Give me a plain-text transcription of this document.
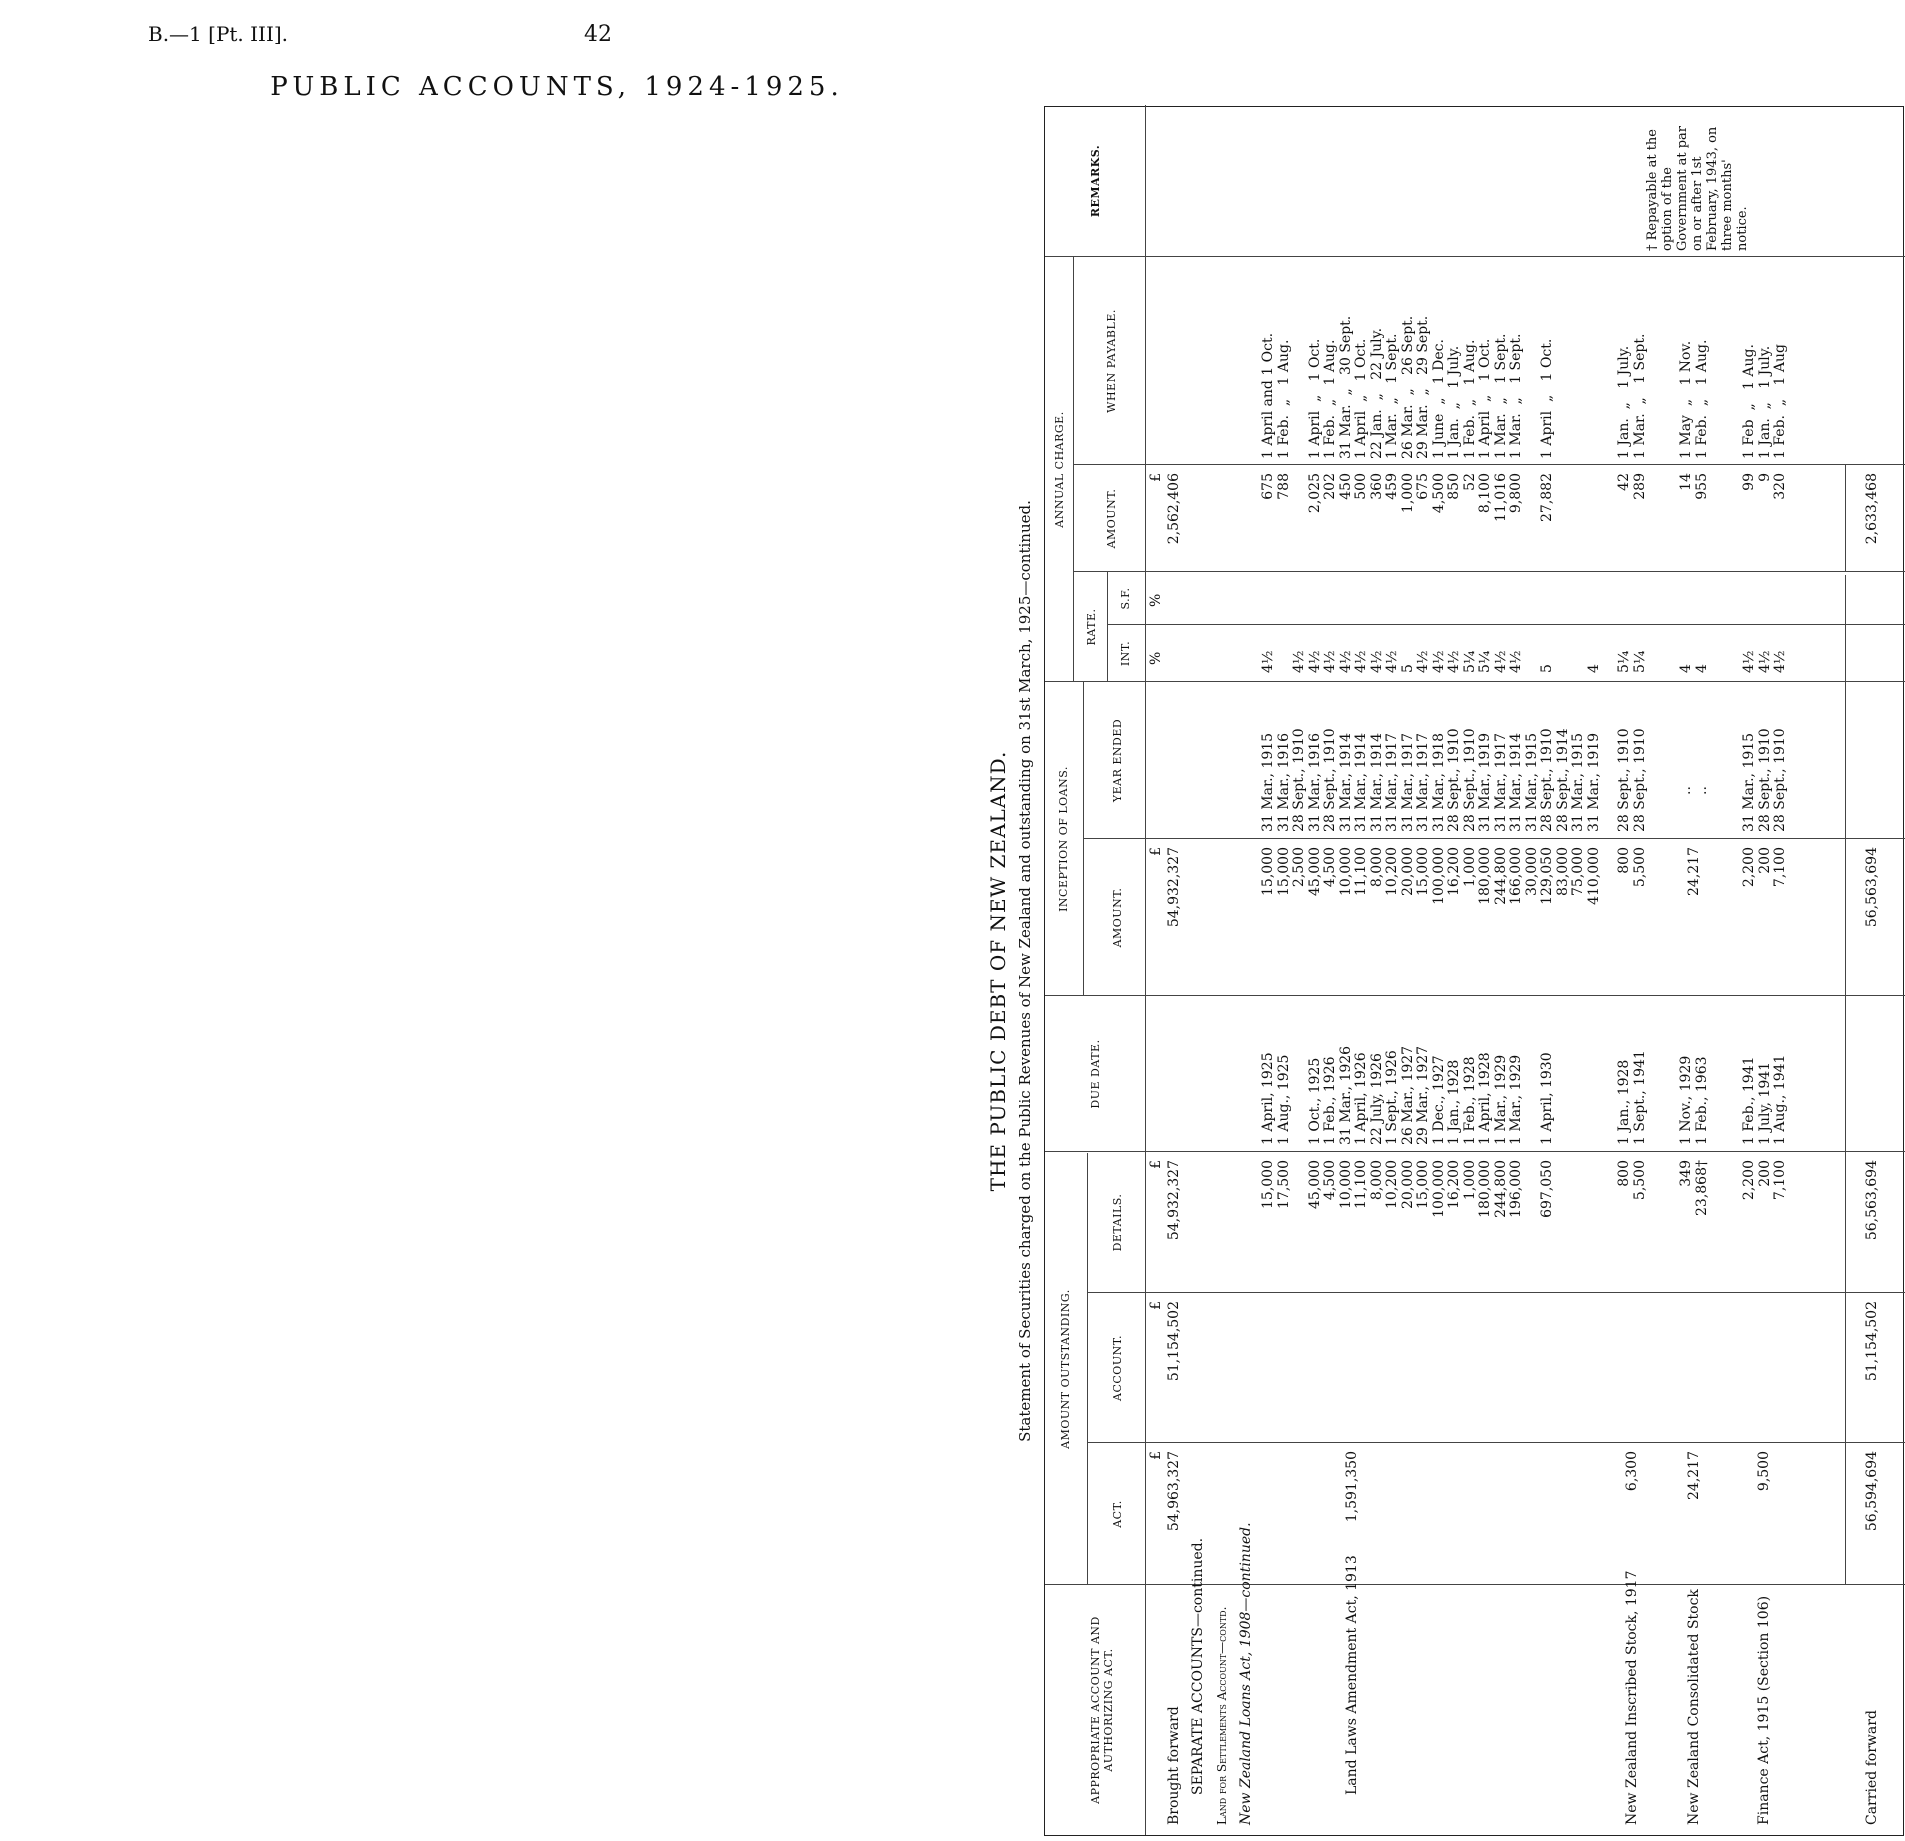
B.—1 [Pt. III].	42
PUBLIC ACCOUNTS, 1924-1925.
THE PUBLIC DEBT OF NEW ZEALAND. Statement of Securities charged on the Public Revenues of New Zealand and outstanding on 31st March, 1925—continued.
APPROPRIATE ACCOUNT AND AUTHORIZING ACT.
AMOUNT OUTSTANDING.
ACT.
ACCOUNT.
DETAILS.
DUE DATE.
INCEPTION OF LOANS.
AMOUNT.
YEAR ENDED
ANNUAL CHARGE.
RATE.
INT.
S.F.
AMOUNT.
WHEN PAYABLE.
REMARKS.
£
£
£
£
%
%
£
Brought forward
54,963,327
51,154,502
54,932,327
54,932,327
2,562,406
SEPARATE ACCOUNTS—continued. Land for Settlements Account—contd. New Zealand Loans Act, 1908—continued.	Land Laws Amendment Act, 1913
1,591,350
15,000
17,500

45,000
4,500
10,000
11,100
8,000
10,200
20,000
15,000
100,000
16,200
1,000
180,000
244,800
196,000

697,050
1 April, 1925
1 Aug., 1925

1 Oct., 1925
1 Feb., 1926
31 Mar., 1926
1 April, 1926
22 July, 1926
1 Sept., 1926
26 Mar., 1927
29 Mar., 1927
1 Dec., 1927
1 Jan., 1928
1 Feb., 1928
1 April, 1928
1 Mar., 1929
1 Mar., 1929

1 April, 1930
15,000
15,000
2,500
45,000
4,500
10,000
11,100
8,000
10,200
20,000
15,000
100,000
16,200
1,000
180,000
244,800
166,000
30,000
129,050
83,000
75,000
410,000
31 Mar., 1915
31 Mar., 1916
28 Sept., 1910
31 Mar., 1916
28 Sept., 1910
31 Mar., 1914
31 Mar., 1914
31 Mar., 1914
31 Mar., 1917
31 Mar., 1917
31 Mar., 1917
31 Mar., 1918
28 Sept., 1910
28 Sept., 1910
31 Mar., 1919
31 Mar., 1917
31 Mar., 1914
31 Mar., 1915
28 Sept., 1910
28 Sept., 1914
31 Mar., 1915
31 Mar., 1919
4½

4½
4½
4½
4½
4½
4½
4½
5
4½
4½
4½
5¼
5¼
4½
4½

5

4
675
788

2,025
202
450
500
360
459
1,000
675
4,500
850
52
8,100
11,016
9,800

27,882
1 April and 1 Oct.
1 Feb.  „   1 Aug.

1 April  „   1 Oct.
1 Feb.  „   1 Aug.
31 Mar.  „   30 Sept.
1 April  „   1 Oct.
22 Jan.  „   22 July.
1 Mar.  „   1 Sept.
26 Mar.  „   26 Sept.
29 Mar.  „   29 Sept.
1 June  „   1 Dec.
1 Jan.  „   1 July.
1 Feb.  „   1 Aug.
1 April  „   1 Oct.
1 Mar.  „   1 Sept.
1 Mar.  „   1 Sept.

1 April  „   1 Oct.
New Zealand Inscribed Stock, 1917
6,300
800
5,500
1 Jan., 1928
1 Sept., 1941
800
5,500
28 Sept., 1910
28 Sept., 1910
5¼
5¼
42
289
1 Jan.  „   1 July.
1 Mar.  „   1 Sept.
New Zealand Consolidated Stock
24,217
349
23,868†
1 Nov., 1929
1 Feb., 1963
24,217
..
..
4
4
14
955
1 May  „   1 Nov.
1 Feb.  „   1 Aug.
† Repayable at the option of the Government at par on or after 1st February, 1943, on three months' notice.
Finance Act, 1915 (Section 106)
9,500
2,200
200
7,100
1 Feb., 1941
1 July, 1941
1 Aug., 1941
2,200
200
7,100
31 Mar., 1915
28 Sept., 1910
28 Sept., 1910
4½
4½
4½
99
9
320
1 Feb  „   1 Aug.
1 Jan.  „   1 July.
1 Feb.  „   1 Aug
Carried forward
56,594,694
51,154,502
56,563,694
56,563,694
2,633,468
